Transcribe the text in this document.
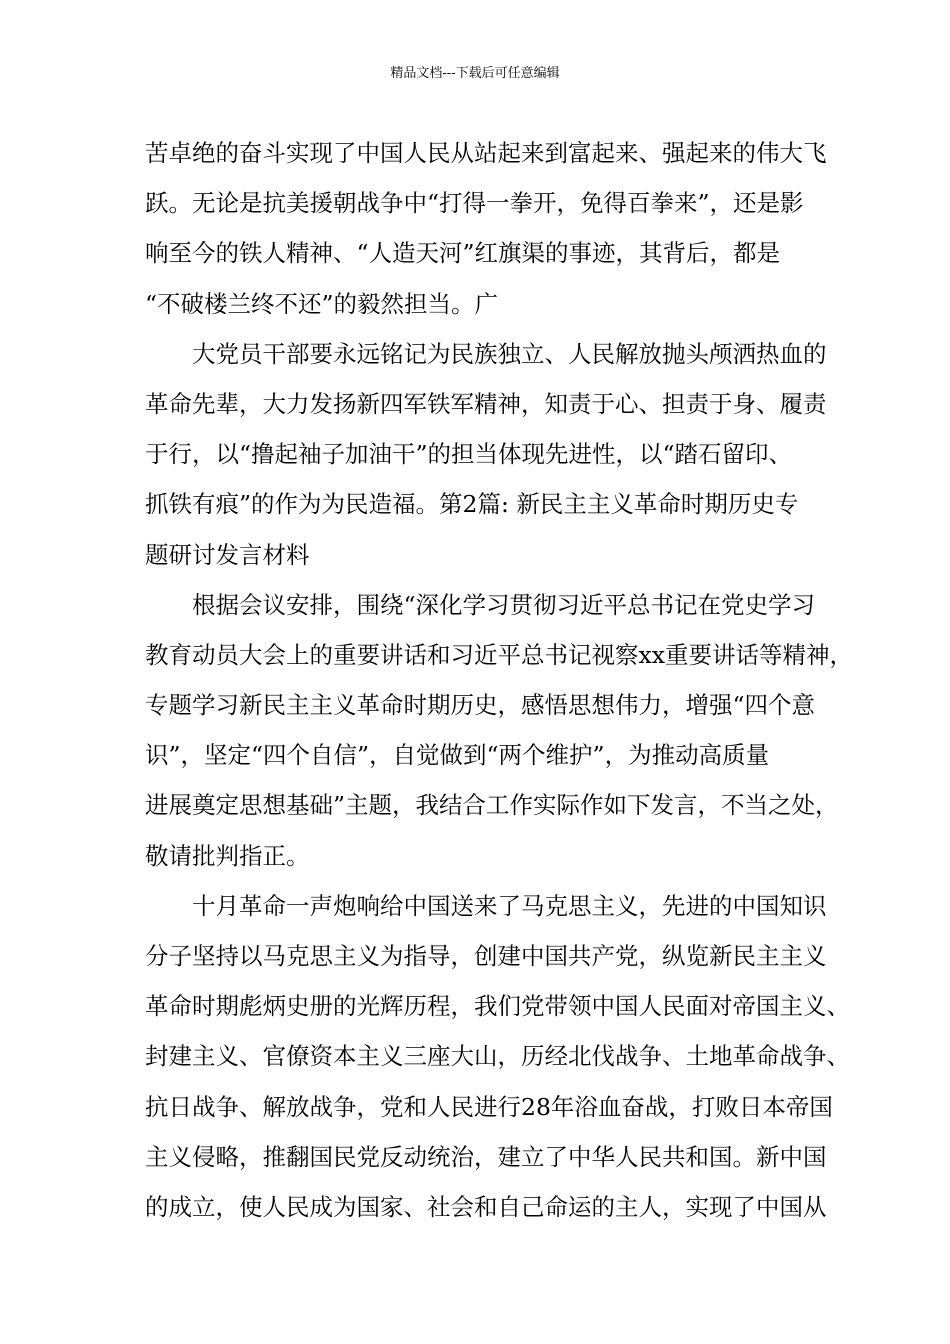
精品文档---下载后可任意编辑
苦卓绝的奋斗实现了中国人民从站起来到富起来、强起来的伟大飞
跃。无论是抗美援朝战争中“打得一拳开，免得百拳来”，还是影
响至今的铁人精神、“人造天河”红旗渠的事迹，其背后，都是
“不破楼兰终不还”的毅然担当。广
大党员干部要永远铭记为民族独立、人民解放抛头颅洒热血的
革命先辈，大力发扬新四军铁军精神，知责于心、担责于身、履责
于行，以“撸起袖子加油干”的担当体现先进性，以“踏石留印、
抓铁有痕”的作为为民造福。第2篇: 新民主主义革命时期历史专
题研讨发言材料
根据会议安排，围绕“深化学习贯彻习近平总书记在党史学习
教育动员大会上的重要讲话和习近平总书记视察xx重要讲话等精神，
专题学习新民主主义革命时期历史，感悟思想伟力，增强“四个意
识”，坚定“四个自信”，自觉做到“两个维护”，为推动高质量
进展奠定思想基础”主题，我结合工作实际作如下发言，不当之处，
敬请批判指正。
十月革命一声炮响给中国送来了马克思主义，先进的中国知识
分子坚持以马克思主义为指导，创建中国共产党，纵览新民主主义
革命时期彪炳史册的光辉历程，我们党带领中国人民面对帝国主义、
封建主义、官僚资本主义三座大山，历经北伐战争、土地革命战争、
抗日战争、解放战争，党和人民进行28年浴血奋战，打败日本帝国
主义侵略，推翻国民党反动统治，建立了中华人民共和国。新中国
的成立，使人民成为国家、社会和自己命运的主人，实现了中国从
